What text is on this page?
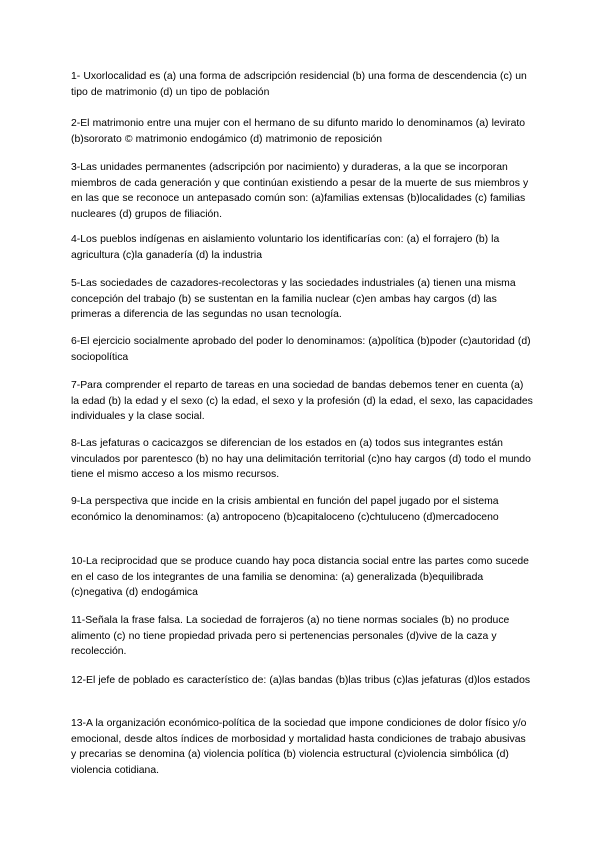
1- Uxorlocalidad es (a) una forma de adscripción residencial (b) una forma de descendencia (c) un tipo de matrimonio (d) un tipo de población

2-El matrimonio entre una mujer con el hermano de su difunto marido lo denominamos (a) levirato (b)sororato © matrimonio endogámico (d) matrimonio de reposición

3-Las unidades permanentes (adscripción por nacimiento) y duraderas, a la que se incorporan miembros de cada generación y que continúan existiendo a pesar de la muerte de sus miembros y en las que se reconoce un antepasado común son: (a)familias extensas (b)localidades (c) familias nucleares (d) grupos de filiación.

4-Los pueblos indígenas en aislamiento voluntario los identificarías con: (a) el forrajero (b) la agricultura (c)la ganadería (d) la industria

5-Las sociedades de cazadores-recolectoras y las sociedades industriales (a) tienen una misma concepción del trabajo (b) se sustentan en la familia nuclear (c)en ambas hay cargos (d) las primeras a diferencia de las segundas no usan tecnología.

6-El ejercicio socialmente aprobado del poder lo denominamos: (a)política (b)poder (c)autoridad (d) sociopolítica

7-Para comprender el reparto de tareas en una sociedad de bandas debemos tener en cuenta (a) la edad (b) la edad y el sexo (c) la edad, el sexo y la profesión (d) la edad, el sexo, las capacidades individuales y la clase social.

8-Las jefaturas o cacicazgos se diferencian de los estados en (a) todos sus integrantes están vinculados por parentesco (b) no hay una delimitación territorial (c)no hay cargos (d) todo el mundo tiene el mismo acceso a los mismo recursos.

9-La perspectiva que incide en la crisis ambiental en función del papel jugado por el sistema económico la denominamos: (a) antropoceno (b)capitaloceno (c)chtuluceno (d)mercadoceno

10-La reciprocidad que se produce cuando hay poca distancia social entre las partes como sucede en el caso de los integrantes de una familia se denomina: (a) generalizada (b)equilibrada (c)negativa (d) endogámica

11-Señala la frase falsa. La sociedad de forrajeros (a) no tiene normas sociales (b) no produce alimento (c) no tiene propiedad privada pero si pertenencias personales (d)vive de la caza y recolección.

12-El jefe de poblado es característico de: (a)las bandas (b)las tribus (c)las jefaturas (d)los estados

13-A la organización económico-política de la sociedad que impone condiciones de dolor físico y/o emocional, desde altos índices de morbosidad y mortalidad hasta condiciones de trabajo abusivas y precarias se denomina (a) violencia política (b) violencia estructural (c)violencia simbólica (d) violencia cotidiana.
